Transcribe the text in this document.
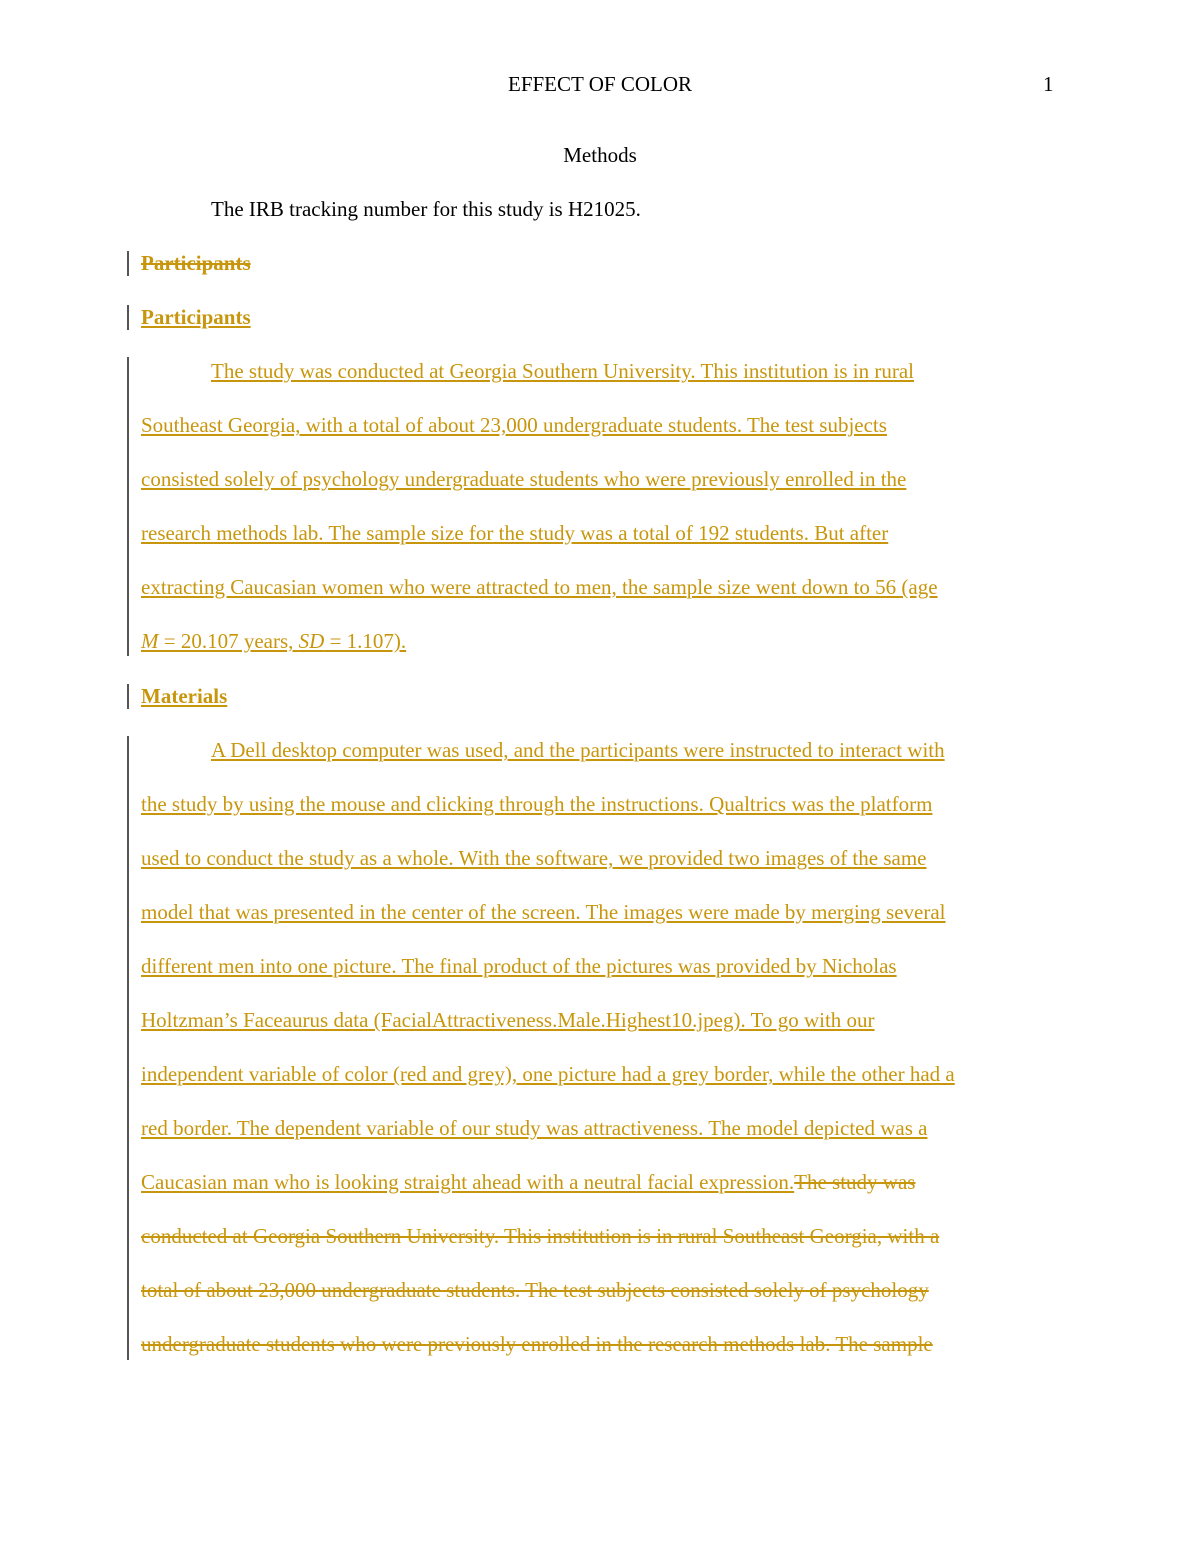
EFFECT OF COLOR	1
Methods
The IRB tracking number for this study is H21025.
Participants
Participants
The study was conducted at Georgia Southern University. This institution is in rural
Southeast Georgia, with a total of about 23,000 undergraduate students. The test subjects
consisted solely of psychology undergraduate students who were previously enrolled in the
research methods lab. The sample size for the study was a total of 192 students. But after
extracting Caucasian women who were attracted to men, the sample size went down to 56 (age
M = 20.107 years, SD = 1.107).
Materials
A Dell desktop computer was used, and the participants were instructed to interact with
the study by using the mouse and clicking through the instructions. Qualtrics was the platform
used to conduct the study as a whole. With the software, we provided two images of the same
model that was presented in the center of the screen. The images were made by merging several
different men into one picture. The final product of the pictures was provided by Nicholas
Holtzman’s Faceaurus data (FacialAttractiveness.Male.Highest10.jpeg). To go with our
independent variable of color (red and grey), one picture had a grey border, while the other had a
red border. The dependent variable of our study was attractiveness. The model depicted was a
Caucasian man who is looking straight ahead with a neutral facial expression.The study was
conducted at Georgia Southern University. This institution is in rural Southeast Georgia, with a
total of about 23,000 undergraduate students. The test subjects consisted solely of psychology
undergraduate students who were previously enrolled in the research methods lab. The sample
